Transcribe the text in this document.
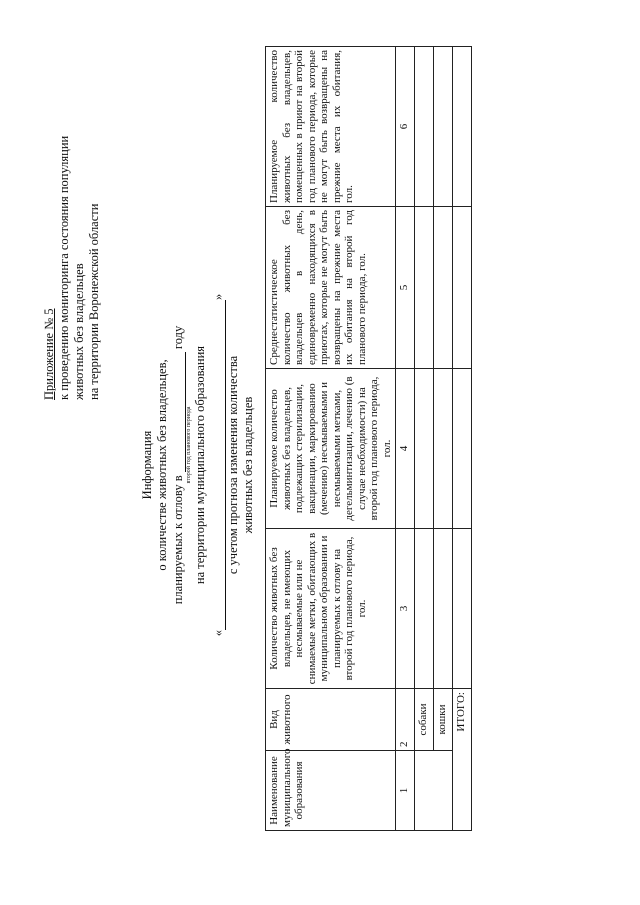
Приложение № 5 к проведению мониторинга состояния популяции животных без владельцев на территории Воронежской области
Информация о количестве животных без владельцев, планируемых к отлову в   году
второй год планового периода на территории муниципального образования
« »
с учетом прогноза изменения количества животных без владельцев
Наименование муниципального образования	Вид животного	Количество животных без владельцев, не имеющих несмываемые или не снимаемые метки, обитающих в муниципальном образовании и планируемых к отлову на второй год планового периода, гол.	Планируемое количество животных без владельцев, подлежащих стерилизации, вакцинации, маркированию (мечению) несмываемыми и несмываемыми метками, дегельминтизации, лечению (в случае необходимости) на второй год планового периода, гол.	Среднестатистическое количество животных без владельцев в день, единовременно находящихся в приютах, которые не могут быть возвращены на прежние места их обитания на второй год планового периода, гол.	Планируемое количество животных без владельцев, помещенных в приют на второй год планового периода, которые не могут быть возвращены на прежние места их обитания, гол.
1	2	3	4	5	6
	собаки				
	кошки				
ИТОГО:					
